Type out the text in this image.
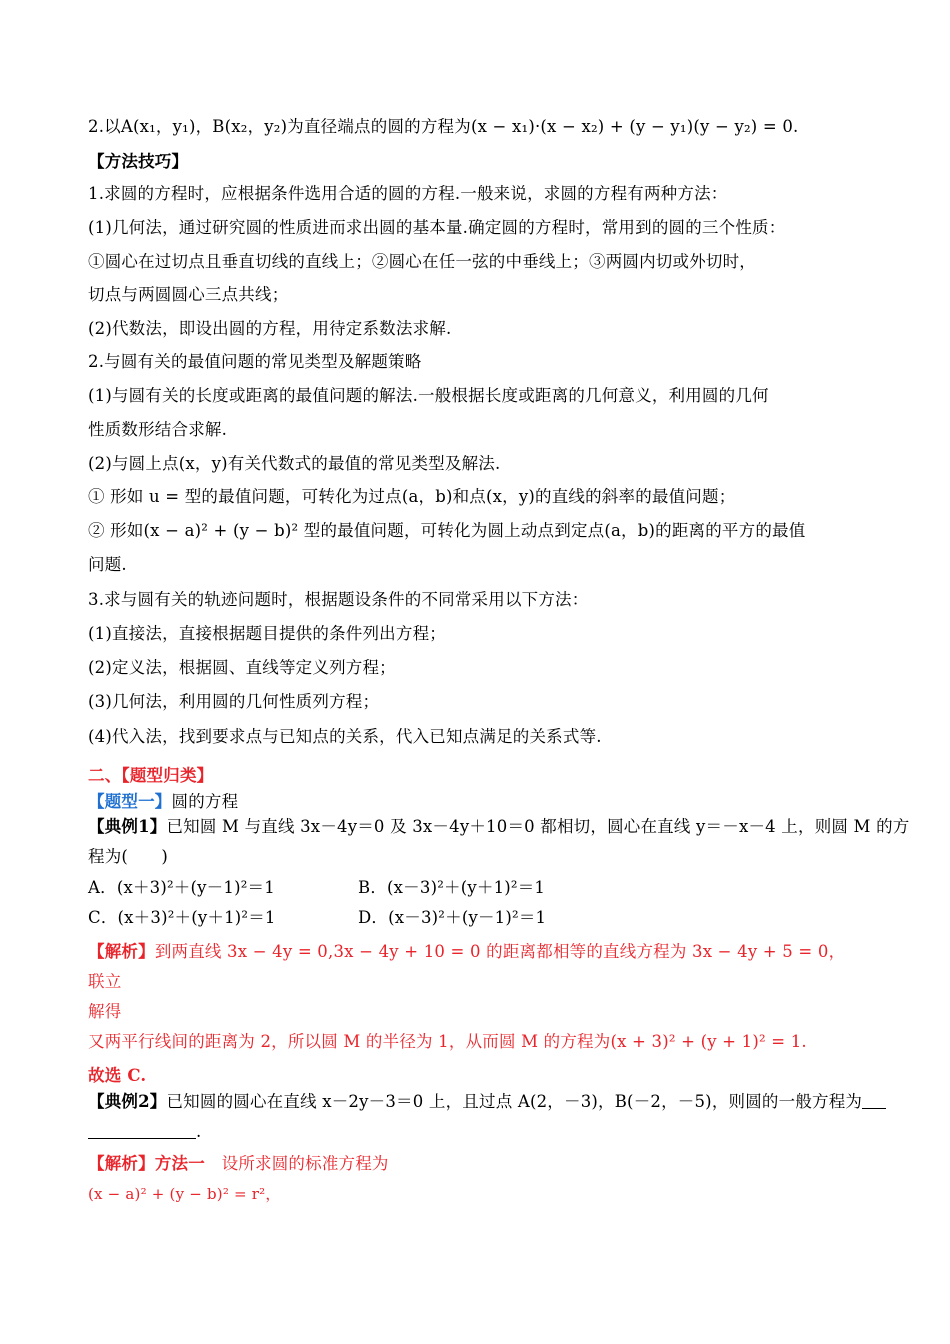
2.以A(x₁，y₁)，B(x₂，y₂)为直径端点的圆的方程为(x − x₁)·(x − x₂) + (y − y₁)(y − y₂) = 0.
【方法技巧】
1.求圆的方程时，应根据条件选用合适的圆的方程.一般来说，求圆的方程有两种方法：
(1)几何法，通过研究圆的性质进而求出圆的基本量.确定圆的方程时，常用到的圆的三个性质：
①圆心在过切点且垂直切线的直线上；②圆心在任一弦的中垂线上；③两圆内切或外切时，
切点与两圆圆心三点共线；
(2)代数法，即设出圆的方程，用待定系数法求解.
2.与圆有关的最值问题的常见类型及解题策略
(1)与圆有关的长度或距离的最值问题的解法.一般根据长度或距离的几何意义，利用圆的几何
性质数形结合求解.
(2)与圆上点(x，y)有关代数式的最值的常见类型及解法.
① 形如 u = 型的最值问题，可转化为过点(a，b)和点(x，y)的直线的斜率的最值问题；
② 形如(x − a)² + (y − b)² 型的最值问题，可转化为圆上动点到定点(a，b)的距离的平方的最值
问题.
3.求与圆有关的轨迹问题时，根据题设条件的不同常采用以下方法：
(1)直接法，直接根据题目提供的条件列出方程；
(2)定义法，根据圆、直线等定义列方程；
(3)几何法，利用圆的几何性质列方程；
(4)代入法，找到要求点与已知点的关系，代入已知点满足的关系式等.
二、【题型归类】
【题型一】圆的方程
【典例1】已知圆 M 与直线 3x－4y＝0 及 3x－4y＋10＝0 都相切，圆心在直线 y＝－x－4 上，则圆 M 的方
程为(　　)
A．(x＋3)²＋(y－1)²＝1	B．(x－3)²＋(y＋1)²＝1
C．(x＋3)²＋(y＋1)²＝1	D．(x－3)²＋(y－1)²＝1
【解析】到两直线 3x − 4y = 0,3x − 4y + 10 = 0 的距离都相等的直线方程为 3x − 4y + 5 = 0，
联立
解得
又两平行线间的距离为 2，所以圆 M 的半径为 1，从而圆 M 的方程为(x + 3)² + (y + 1)² = 1.
故选 C.
【典例2】已知圆的圆心在直线 x－2y－3＝0 上，且过点 A(2，－3)，B(－2，－5)，则圆的一般方程为
.
【解析】方法一　设所求圆的标准方程为
(x − a)² + (y − b)² = r²，
